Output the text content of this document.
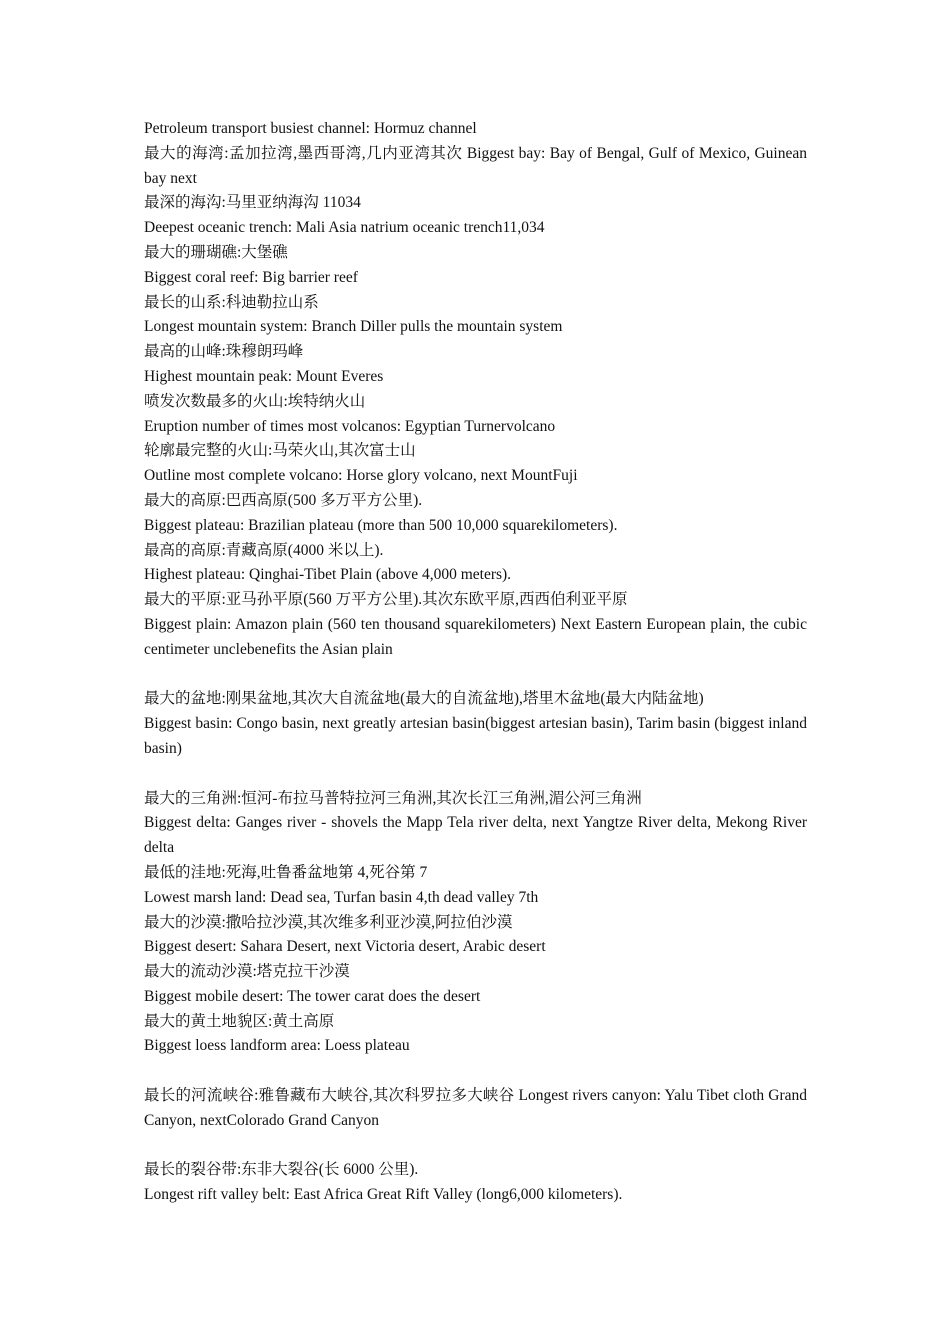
Petroleum transport busiest channel: Hormuz channel

最大的海湾:孟加拉湾,墨西哥湾,几内亚湾其次 Biggest bay: Bay of Bengal, Gulf of Mexico, Guinean bay next

最深的海沟:马里亚纳海沟 11034

Deepest oceanic trench: Mali Asia natrium oceanic trench11,034

最大的珊瑚礁:大堡礁

Biggest coral reef: Big barrier reef

最长的山系:科迪勒拉山系

Longest mountain system: Branch Diller pulls the mountain system

最高的山峰:珠穆朗玛峰

Highest mountain peak: Mount Everes

喷发次数最多的火山:埃特纳火山

Eruption number of times most volcanos: Egyptian Turnervolcano

轮廓最完整的火山:马荣火山,其次富士山

Outline most complete volcano: Horse glory volcano, next MountFuji

最大的高原:巴西高原(500 多万平方公里).

Biggest plateau: Brazilian plateau (more than 500 10,000 squarekilometers).

最高的高原:青藏高原(4000 米以上).

Highest plateau: Qinghai-Tibet Plain (above 4,000 meters).

最大的平原:亚马孙平原(560 万平方公里).其次东欧平原,西西伯利亚平原

Biggest plain: Amazon plain (560 ten thousand squarekilometers) Next Eastern European plain, the cubic centimeter unclebenefits the Asian plain

最大的盆地:刚果盆地,其次大自流盆地(最大的自流盆地),塔里木盆地(最大内陆盆地)

Biggest basin: Congo basin, next greatly artesian basin(biggest artesian basin), Tarim basin (biggest inland basin)

最大的三角洲:恒河-布拉马普特拉河三角洲,其次长江三角洲,湄公河三角洲

Biggest delta: Ganges river - shovels the Mapp Tela river delta, next Yangtze River delta, Mekong River delta

最低的洼地:死海,吐鲁番盆地第 4,死谷第 7

Lowest marsh land: Dead sea, Turfan basin 4,th dead valley 7th

最大的沙漠:撒哈拉沙漠,其次维多利亚沙漠,阿拉伯沙漠

Biggest desert: Sahara Desert, next Victoria desert, Arabic desert

最大的流动沙漠:塔克拉干沙漠

Biggest mobile desert: The tower carat does the desert

最大的黄土地貌区:黄土高原

Biggest loess landform area: Loess plateau

最长的河流峡谷:雅鲁藏布大峡谷,其次科罗拉多大峡谷 Longest rivers canyon: Yalu Tibet cloth Grand Canyon, nextColorado Grand Canyon

最长的裂谷带:东非大裂谷(长 6000 公里).

Longest rift valley belt: East Africa Great Rift Valley (long6,000 kilometers).
